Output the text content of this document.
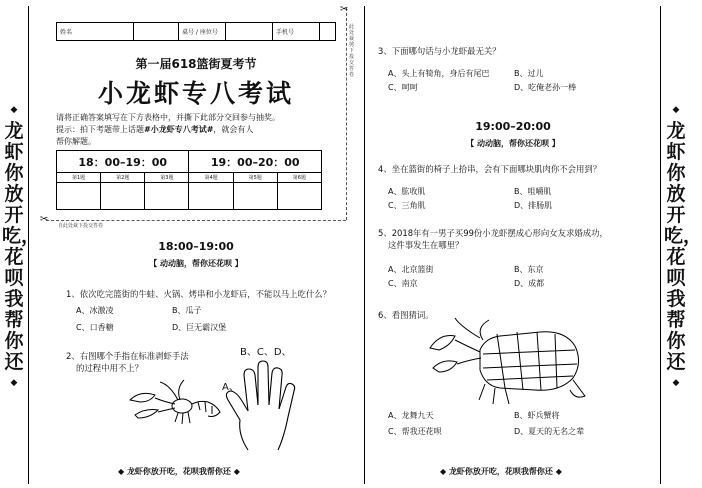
◆
龙虾你放开吃，花呗我帮你还
◆
◆
龙虾你放开吃，花呗我帮你还
◆
✂
✂
此处裁剪下投交答卷
自此处裁下投交答卷
姓名		桌号 / 座位号		手机号	
第一届618篮街夏考节
小龙虾专八考试
请将正确答案填写在下方表格中，并撕下此部分交回参与抽奖。
提示：拍下考题带上话题#小龙虾专八考试#，就会有人
帮你解题。
18：00–19：00			19：00–20：00		
第1题	第2题	第3题	第4题	第5题	第6题

18:00–19:00
【 动动脑，帮你还花呗 】
1、依次吃完篮街的牛蛙、火锅、烤串和小龙虾后，不能以马上吃什么？
A、冰激凌	B、瓜子
C、口香糖	D、巨无霸汉堡
2、右图哪个手指在标准剥虾手法
的过程中用不上？
A、
B、C、D、
3、下面哪句话与小龙虾最无关？
A、头上有犄角，身后有尾巴	B、过儿
C、呵呵	D、吃俺老孙一棒
19:00–20:00
【 动动脑，帮你还花呗 】
4、坐在篮街的椅子上拾串，会有下面哪块肌肉你不会用到？
A、肱收肌	B、咀嚼肌
C、三角肌	D、排肠肌
5、2018年有一男子买99份小龙虾摆成心形向女友求婚成功，
这件事发生在哪里？
A、北京篮街	B、东京
C、南京	D、成都
6、看图猜词。
A、龙舞九天	B、虾兵蟹将
C、帮我还花呗	D、夏天的无名之辈
◆ 龙虾你放开吃，花呗我帮你还 ◆	◆ 龙虾你放开吃，花呗我帮你还 ◆
